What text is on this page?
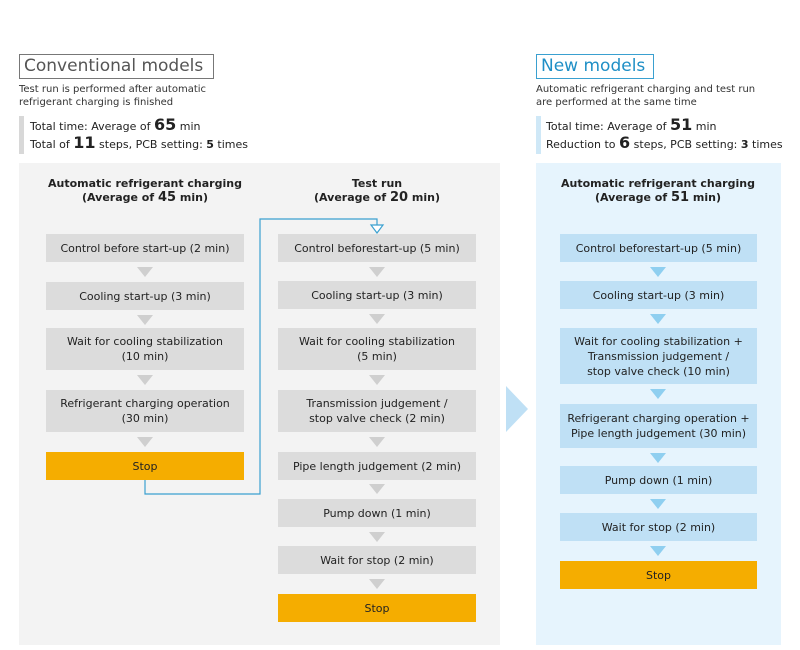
Conventional models
Test run is performed after automatic
refrigerant charging is finished
Total time: Average of 65 min
Total of 11 steps, PCB setting: 5 times
New models
Automatic refrigerant charging and test run
are performed at the same time
Total time: Average of 51 min
Reduction to 6 steps, PCB setting: 3 times
Automatic refrigerant charging
(Average of 45 min)
Test run
(Average of 20 min)
Automatic refrigerant charging
(Average of 51 min)
Control before start-up (2 min)
Cooling start-up (3 min)
Wait for cooling stabilization
(10 min)
Refrigerant charging operation
(30 min)
Stop
Control beforestart-up (5 min)
Cooling start-up (3 min)
Wait for cooling stabilization
(5 min)
Transmission judgement /
stop valve check (2 min)
Pipe length judgement (2 min)
Pump down (1 min)
Wait for stop (2 min)
Stop
Control beforestart-up (5 min)
Cooling start-up (3 min)
Wait for cooling stabilization +
Transmission judgement /
stop valve check (10 min)
Refrigerant charging operation +
Pipe length judgement (30 min)
Pump down (1 min)
Wait for stop (2 min)
Stop
